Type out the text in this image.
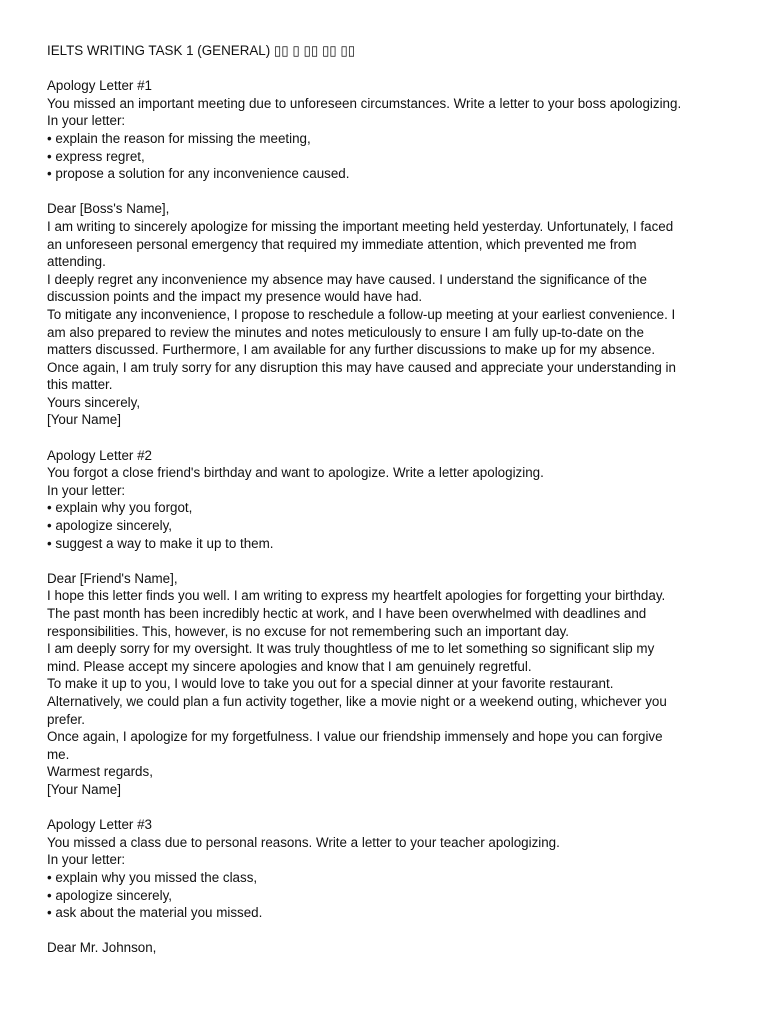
IELTS WRITING TASK 1 (GENERAL) ▯▯ ▯ ▯▯ ▯▯ ▯▯
Apology Letter #1
You missed an important meeting due to unforeseen circumstances. Write a letter to your boss apologizing.
In your letter:
• explain the reason for missing the meeting,
• express regret,
• propose a solution for any inconvenience caused.
Dear [Boss's Name],
I am writing to sincerely apologize for missing the important meeting held yesterday. Unfortunately, I faced
an unforeseen personal emergency that required my immediate attention, which prevented me from
attending.
I deeply regret any inconvenience my absence may have caused. I understand the significance of the
discussion points and the impact my presence would have had.
To mitigate any inconvenience, I propose to reschedule a follow-up meeting at your earliest convenience. I
am also prepared to review the minutes and notes meticulously to ensure I am fully up-to-date on the
matters discussed. Furthermore, I am available for any further discussions to make up for my absence.
Once again, I am truly sorry for any disruption this may have caused and appreciate your understanding in
this matter.
Yours sincerely,
[Your Name]
Apology Letter #2
You forgot a close friend's birthday and want to apologize. Write a letter apologizing.
In your letter:
• explain why you forgot,
• apologize sincerely,
• suggest a way to make it up to them.
Dear [Friend's Name],
I hope this letter finds you well. I am writing to express my heartfelt apologies for forgetting your birthday.
The past month has been incredibly hectic at work, and I have been overwhelmed with deadlines and
responsibilities. This, however, is no excuse for not remembering such an important day.
I am deeply sorry for my oversight. It was truly thoughtless of me to let something so significant slip my
mind. Please accept my sincere apologies and know that I am genuinely regretful.
To make it up to you, I would love to take you out for a special dinner at your favorite restaurant.
Alternatively, we could plan a fun activity together, like a movie night or a weekend outing, whichever you
prefer.
Once again, I apologize for my forgetfulness. I value our friendship immensely and hope you can forgive
me.
Warmest regards,
[Your Name]
Apology Letter #3
You missed a class due to personal reasons. Write a letter to your teacher apologizing.
In your letter:
• explain why you missed the class,
• apologize sincerely,
• ask about the material you missed.
Dear Mr. Johnson,
